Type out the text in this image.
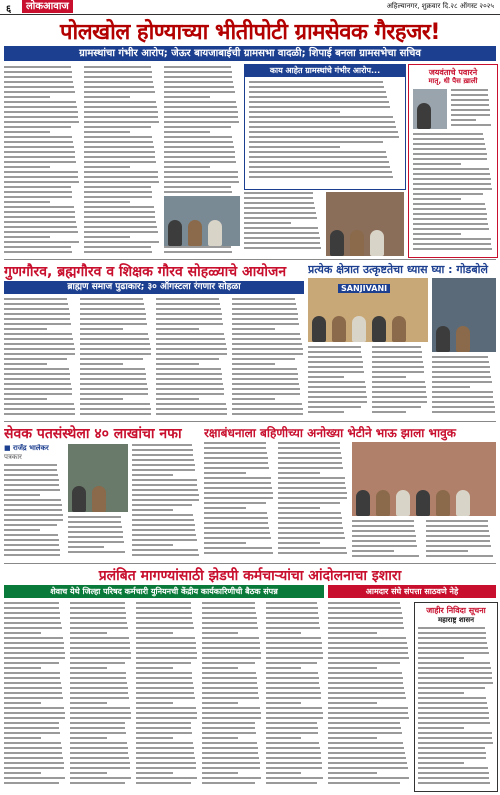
६	लोकआवाज	अहिल्यानगर, शुक्रवार दि.२८ ऑगस्ट २०२५
पोलखोल होण्याच्या भीतीपोटी ग्रामसेवक गैरहजर!
ग्रामस्थांचा गंभीर आरोप; जेऊर बायजाबाईची ग्रामसभा वादळी; शिपाई बनला ग्रामसभेचा सचिव
काय आहेत ग्रामस्थांचे गंभीर आरोप...	जयवंताचे पवारने
मातृ, धी पैस ख़ाली
गुणगौरव, ब्रह्मगौरव व शिक्षक गौरव सोहळ्याचे आयोजन
ब्राह्मण समाज पुढाकार; ३० ऑगस्टला रंगणार सोहळा
प्रत्येक क्षेत्रात उत्कृष्टतेचा ध्यास घ्या : गोडबोले
SANJIVANI
सेवक पतसंस्थेला ४० लाखांचा नफा
■ राजेंद्र भालेकर
पत्रकार
रक्षाबंधनाला बहिणीच्या अनोख्या भेटीने भाऊ झाला भावुक
प्रलंबित मागण्यांसाठी झेडपी कर्मचाऱ्यांचा आंदोलनाचा इशारा
शेवाच येथे जिल्हा परिषद कर्मचारी युनियनची केंद्रीय कार्यकारिणीची बैठक संपन्न	आमदार संघे संपत्ता साठवणे नेहे
जाहीर निविदा सूचना
महाराष्ट्र शासन
